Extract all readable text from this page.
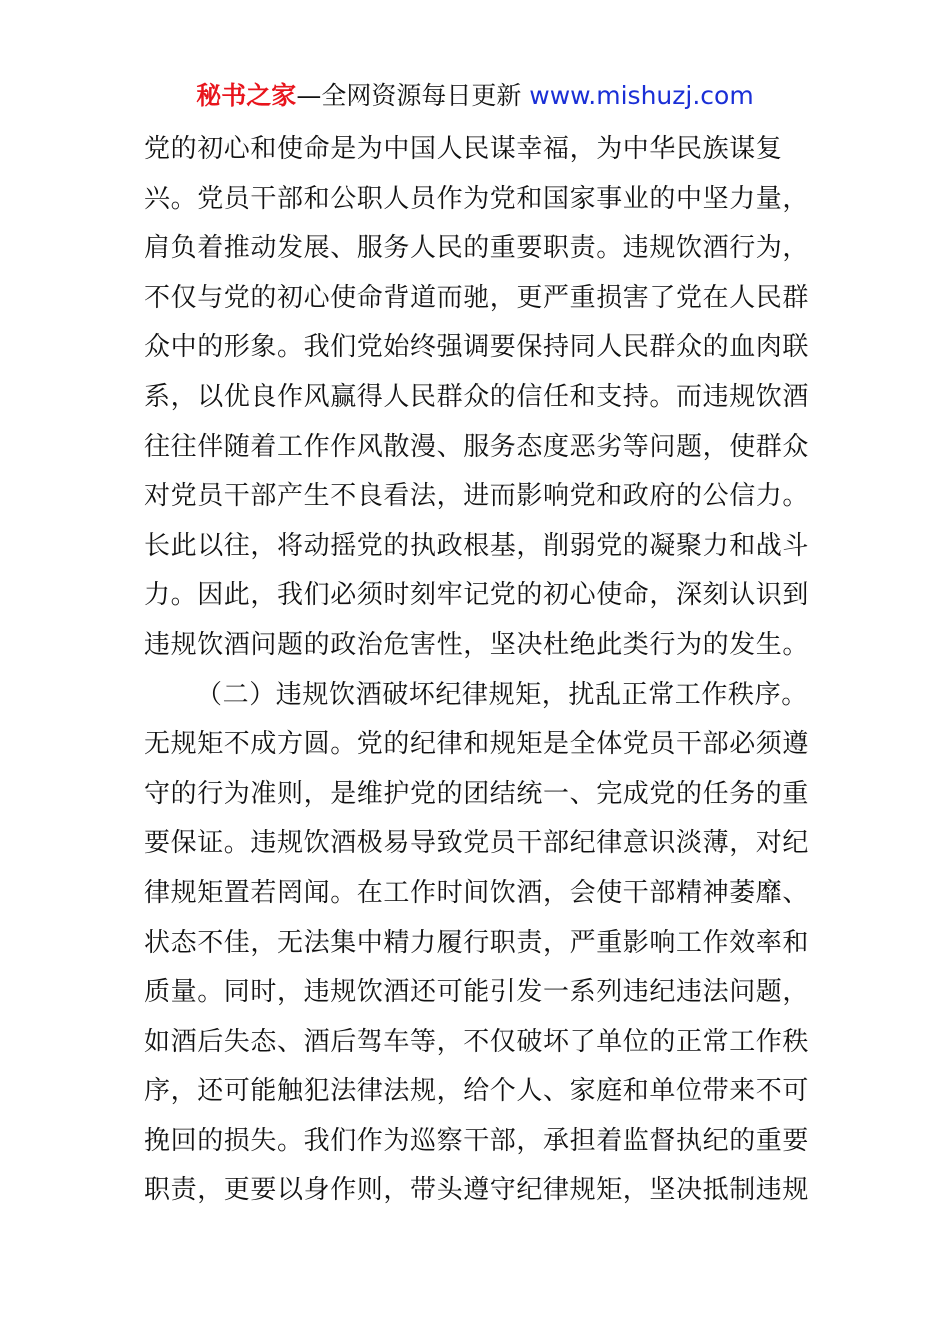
秘书之家—全网资源每日更新 www.mishuzj.com
党的初心和使命是为中国人民谋幸福，为中华民族谋复
兴。党员干部和公职人员作为党和国家事业的中坚力量，
肩负着推动发展、服务人民的重要职责。违规饮酒行为，
不仅与党的初心使命背道而驰，更严重损害了党在人民群
众中的形象。我们党始终强调要保持同人民群众的血肉联
系，以优良作风赢得人民群众的信任和支持。而违规饮酒
往往伴随着工作作风散漫、服务态度恶劣等问题，使群众
对党员干部产生不良看法，进而影响党和政府的公信力。
长此以往，将动摇党的执政根基，削弱党的凝聚力和战斗
力。因此，我们必须时刻牢记党的初心使命，深刻认识到
违规饮酒问题的政治危害性，坚决杜绝此类行为的发生。
（二）违规饮酒破坏纪律规矩，扰乱正常工作秩序。
无规矩不成方圆。党的纪律和规矩是全体党员干部必须遵
守的行为准则，是维护党的团结统一、完成党的任务的重
要保证。违规饮酒极易导致党员干部纪律意识淡薄，对纪
律规矩置若罔闻。在工作时间饮酒，会使干部精神萎靡、
状态不佳，无法集中精力履行职责，严重影响工作效率和
质量。同时，违规饮酒还可能引发一系列违纪违法问题，
如酒后失态、酒后驾车等，不仅破坏了单位的正常工作秩
序，还可能触犯法律法规，给个人、家庭和单位带来不可
挽回的损失。我们作为巡察干部，承担着监督执纪的重要
职责，更要以身作则，带头遵守纪律规矩，坚决抵制违规
